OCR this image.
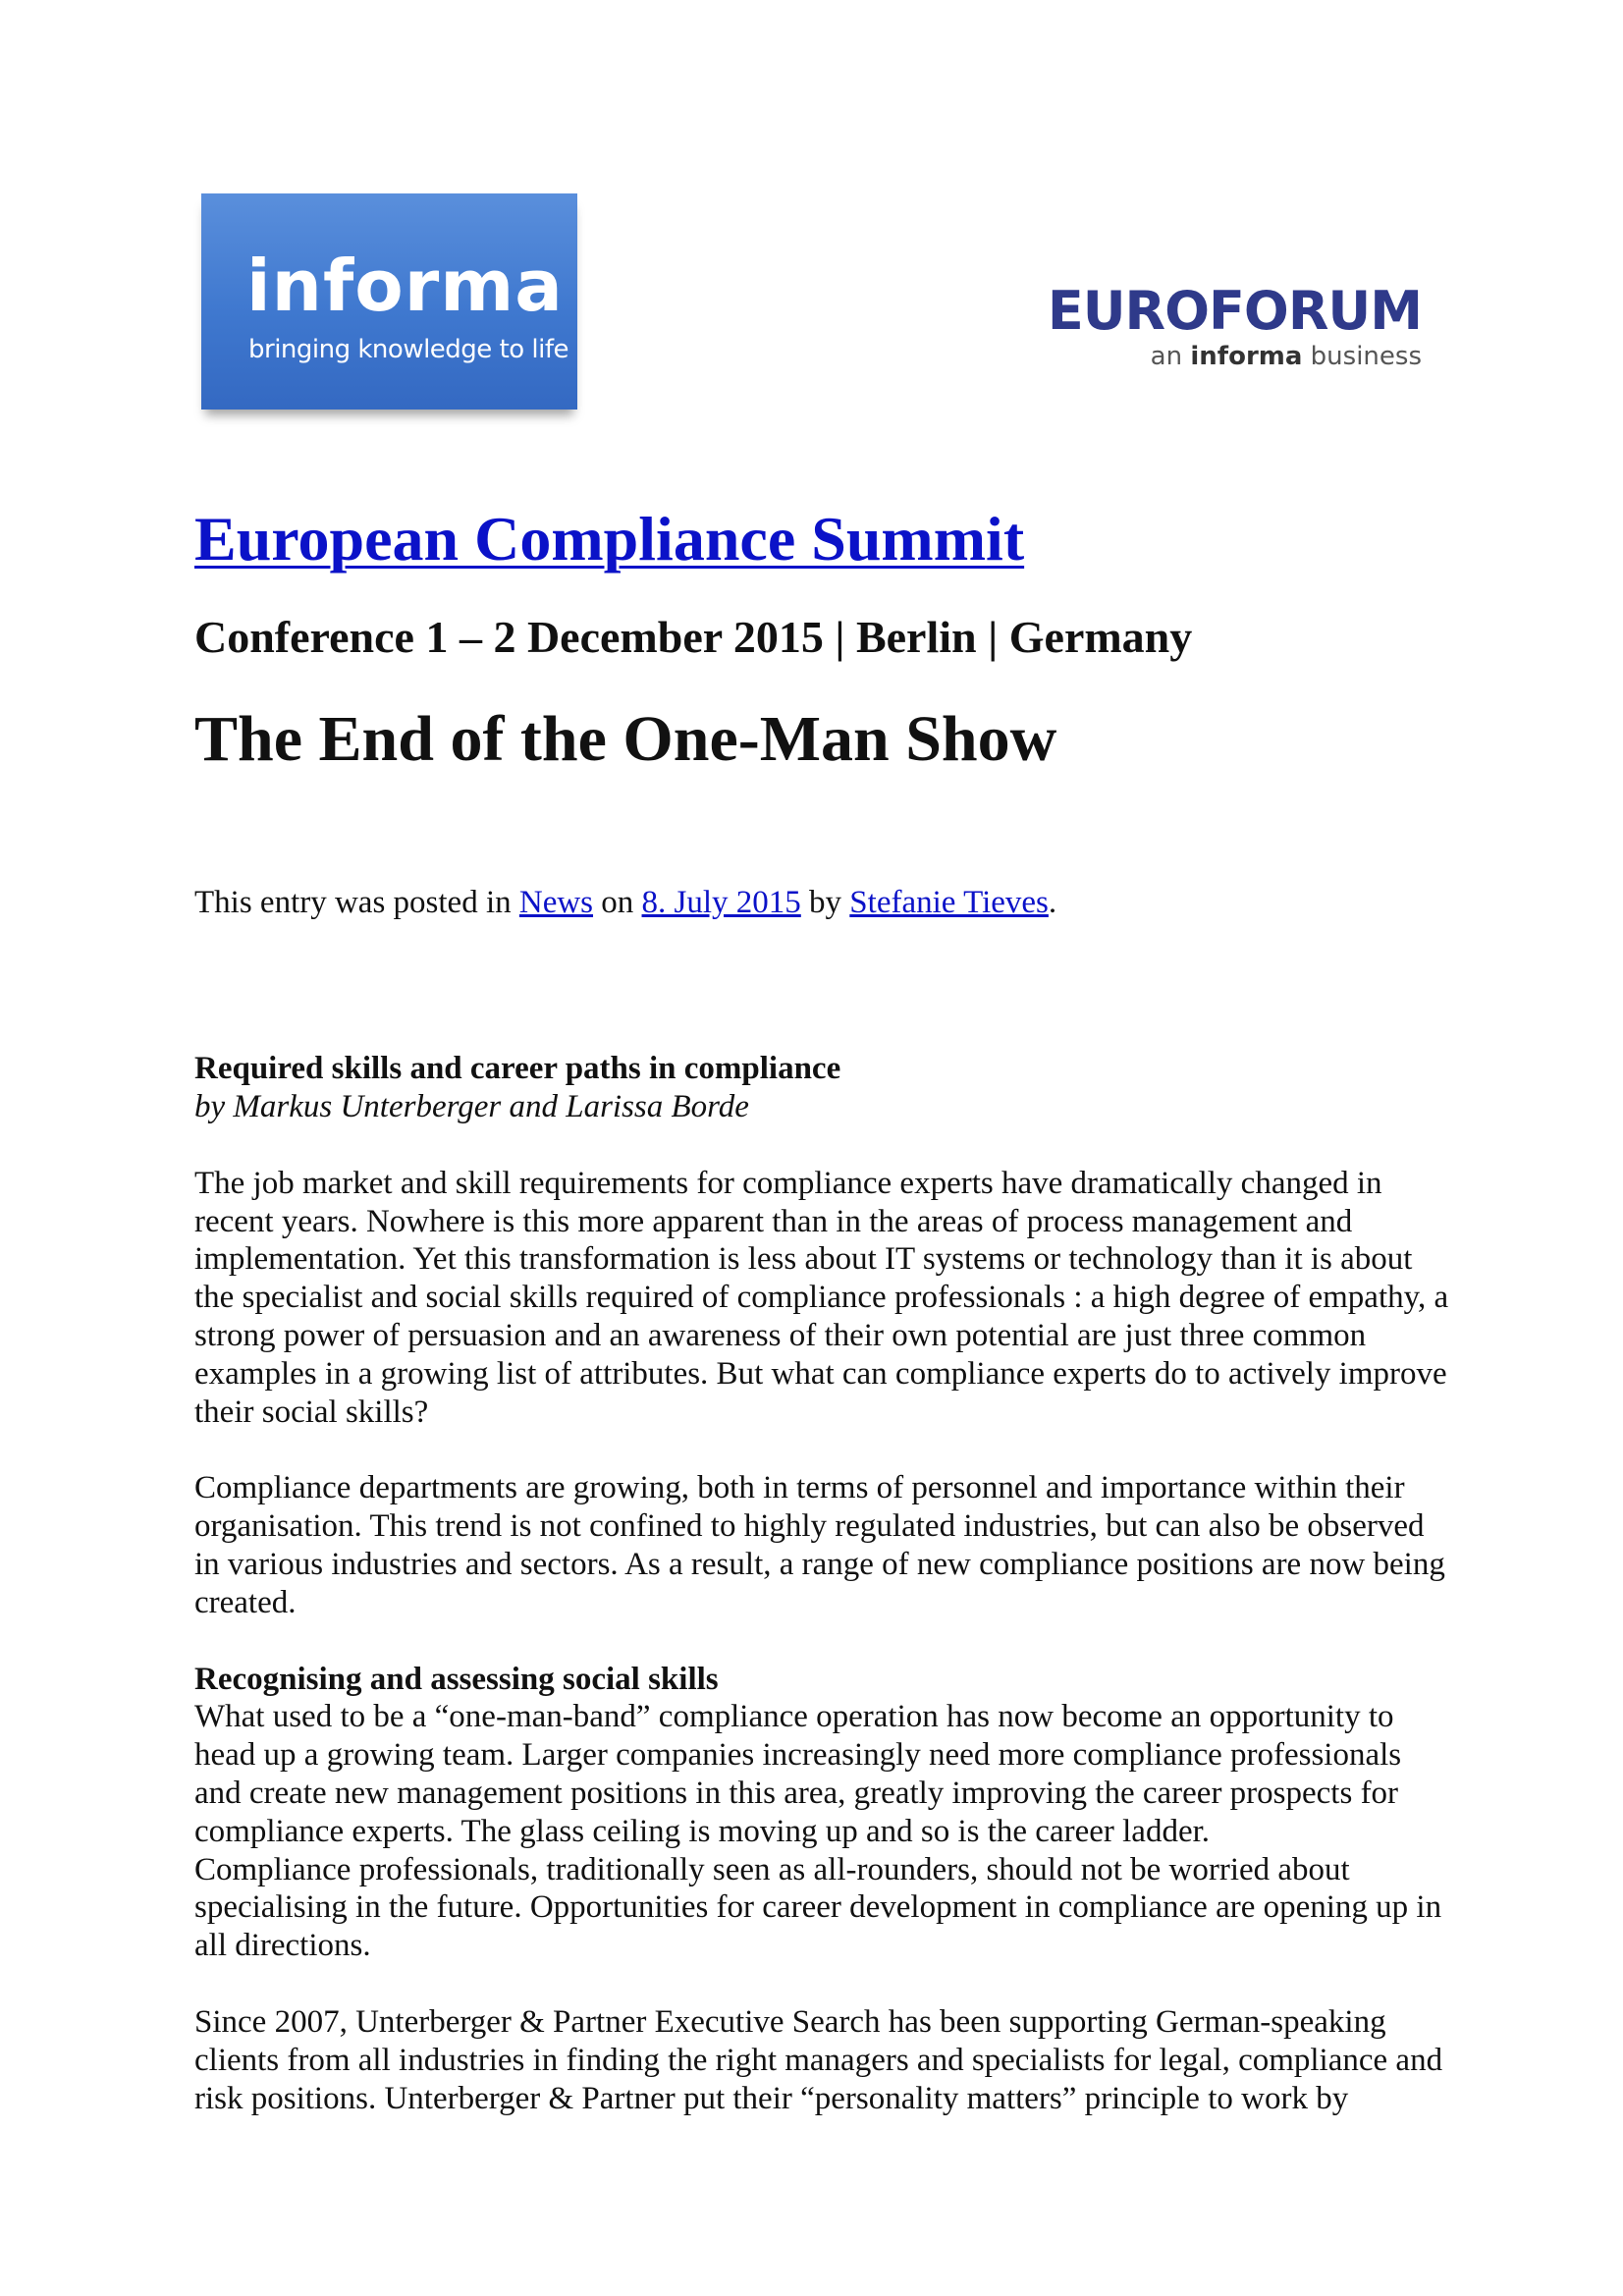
informa
bringing knowledge to life
EUROFORUM
an informa business
European Compliance Summit
Conference 1 – 2 December 2015 | Berlin | Germany
The End of the One-Man Show
This entry was posted in News on 8. July 2015 by Stefanie Tieves.

Required skills and career paths in compliance
by Markus Unterberger and Larissa Borde

The job market and skill requirements for compliance experts have dramatically changed in recent years. Nowhere is this more apparent than in the areas of process management and implementation. Yet this transformation is less about IT systems or technology than it is about the specialist and social skills required of compliance professionals : a high degree of empathy, a strong power of persuasion and an awareness of their own potential are just three common examples in a growing list of attributes. But what can compliance experts do to actively improve their social skills?

Compliance departments are growing, both in terms of personnel and importance within their organisation. This trend is not confined to highly regulated industries, but can also be observed in various industries and sectors. As a result, a range of new compliance positions are now being created.

Recognising and assessing social skills
What used to be a “one-man-band” compliance operation has now become an opportunity to head up a growing team. Larger companies increasingly need more compliance professionals and create new management positions in this area, greatly improving the career prospects for compliance experts. The glass ceiling is moving up and so is the career ladder.
Compliance professionals, traditionally seen as all-rounders, should not be worried about specialising in the future. Opportunities for career development in compliance are opening up in all directions.

Since 2007, Unterberger & Partner Executive Search has been supporting German-speaking clients from all industries in finding the right managers and specialists for legal, compliance and risk positions. Unterberger & Partner put their “personality matters” principle to work by
